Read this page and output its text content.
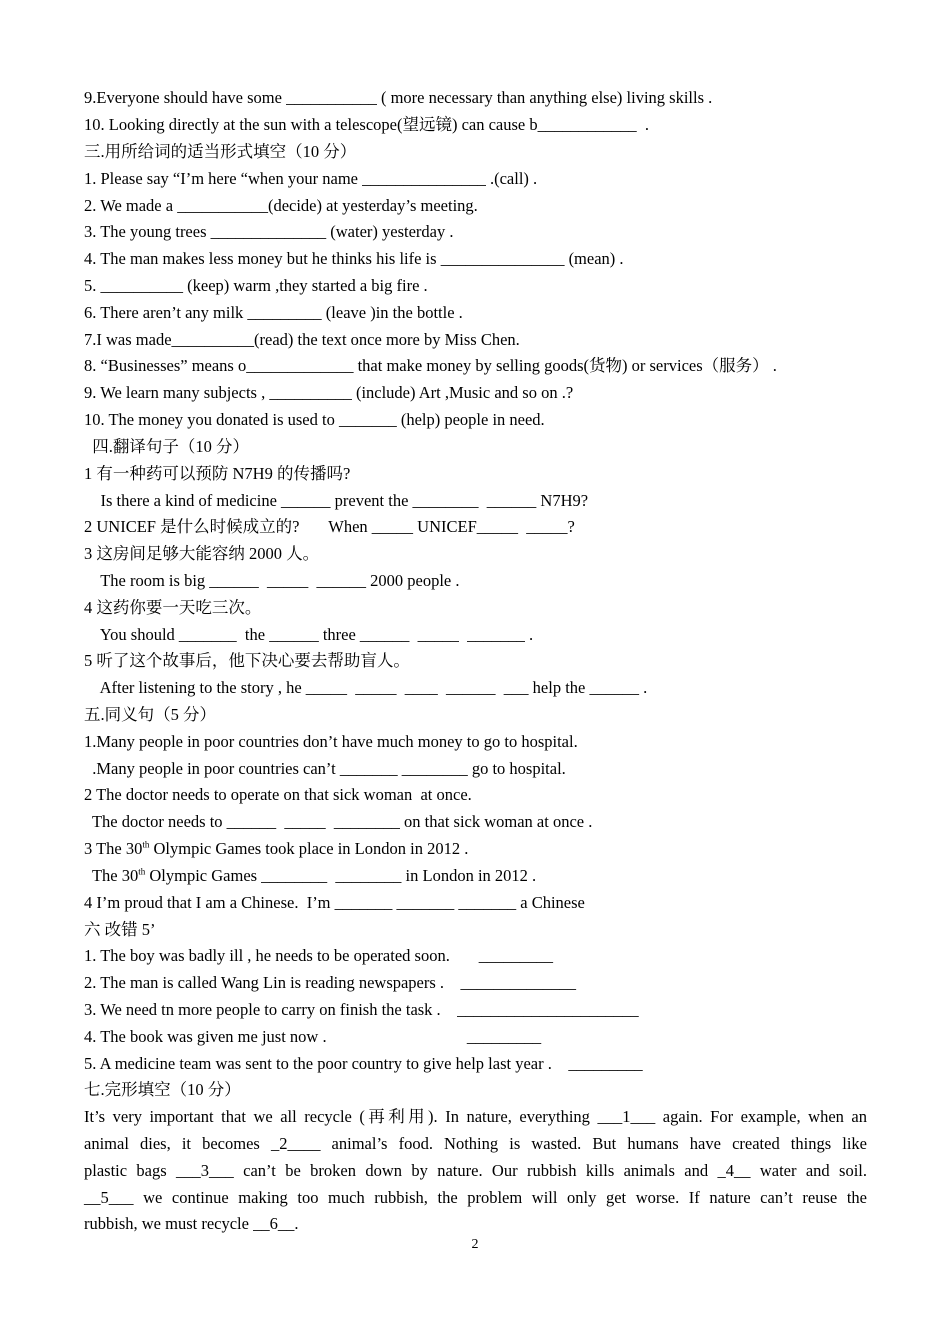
9.Everyone should have some ___________ ( more necessary than anything else) living skills .
10. Looking directly at the sun with a telescope(望远镜) can cause b____________  .
三.用所给词的适当形式填空（10 分）
1. Please say “I’m here “when your name _______________ .(call) .
2. We made a ___________(decide) at yesterday’s meeting.
3. The young trees ______________ (water) yesterday .
4. The man makes less money but he thinks his life is _______________ (mean) .
5. __________ (keep) warm ,they started a big fire .
6. There aren’t any milk _________ (leave )in the bottle .
7.I was made__________(read) the text once more by Miss Chen.
8. “Businesses” means o_____________ that make money by selling goods(货物) or services（服务） .
9. We learn many subjects , __________ (include) Art ,Music and so on .?
10. The money you donated is used to _______ (help) people in need.
四.翻译句子（10 分）
1 有一种药可以预防 N7H9 的传播吗?
Is there a kind of medicine ______ prevent the ________  ______ N7H9?
2 UNICEF 是什么时候成立的?       When _____ UNICEF_____  _____?
3 这房间足够大能容纳 2000 人。
The room is big ______  _____  ______ 2000 people .
4 这药你要一天吃三次。
You should _______  the ______ three ______  _____  _______ .
5 听了这个故事后，他下决心要去帮助盲人。
After listening to the story , he _____  _____  ____  ______  ___ help the ______ .
五.同义句（5 分）
1.Many people in poor countries don’t have much money to go to hospital.
.Many people in poor countries can’t _______ ________ go to hospital.
2 The doctor needs to operate on that sick woman  at once.
The doctor needs to ______  _____  ________ on that sick woman at once .
3 The 30th Olympic Games took place in London in 2012 .
The 30th Olympic Games ________  ________ in London in 2012 .
4 I’m proud that I am a Chinese.  I’m _______ _______ _______ a Chinese
六 改错 5’
1. The boy was badly ill , he needs to be operated soon.       _________
2. The man is called Wang Lin is reading newspapers .    ______________
3. We need tn more people to carry on finish the task .    ______________________
4. The book was given me just now .                                  _________
5. A medicine team was sent to the poor country to give help last year .    _________
七.完形填空（10 分）
It’s very important that we all recycle (再利用). In nature, everything ___1___ again. For example, when an
animal dies, it becomes _2____ animal’s food. Nothing is wasted. But humans have created things like
plastic bags ___3___ can’t be broken down by nature. Our rubbish kills animals and _4__ water and soil.
__5___ we continue making too much rubbish, the problem will only get worse. If nature can’t reuse the
rubbish, we must recycle __6__.
2
